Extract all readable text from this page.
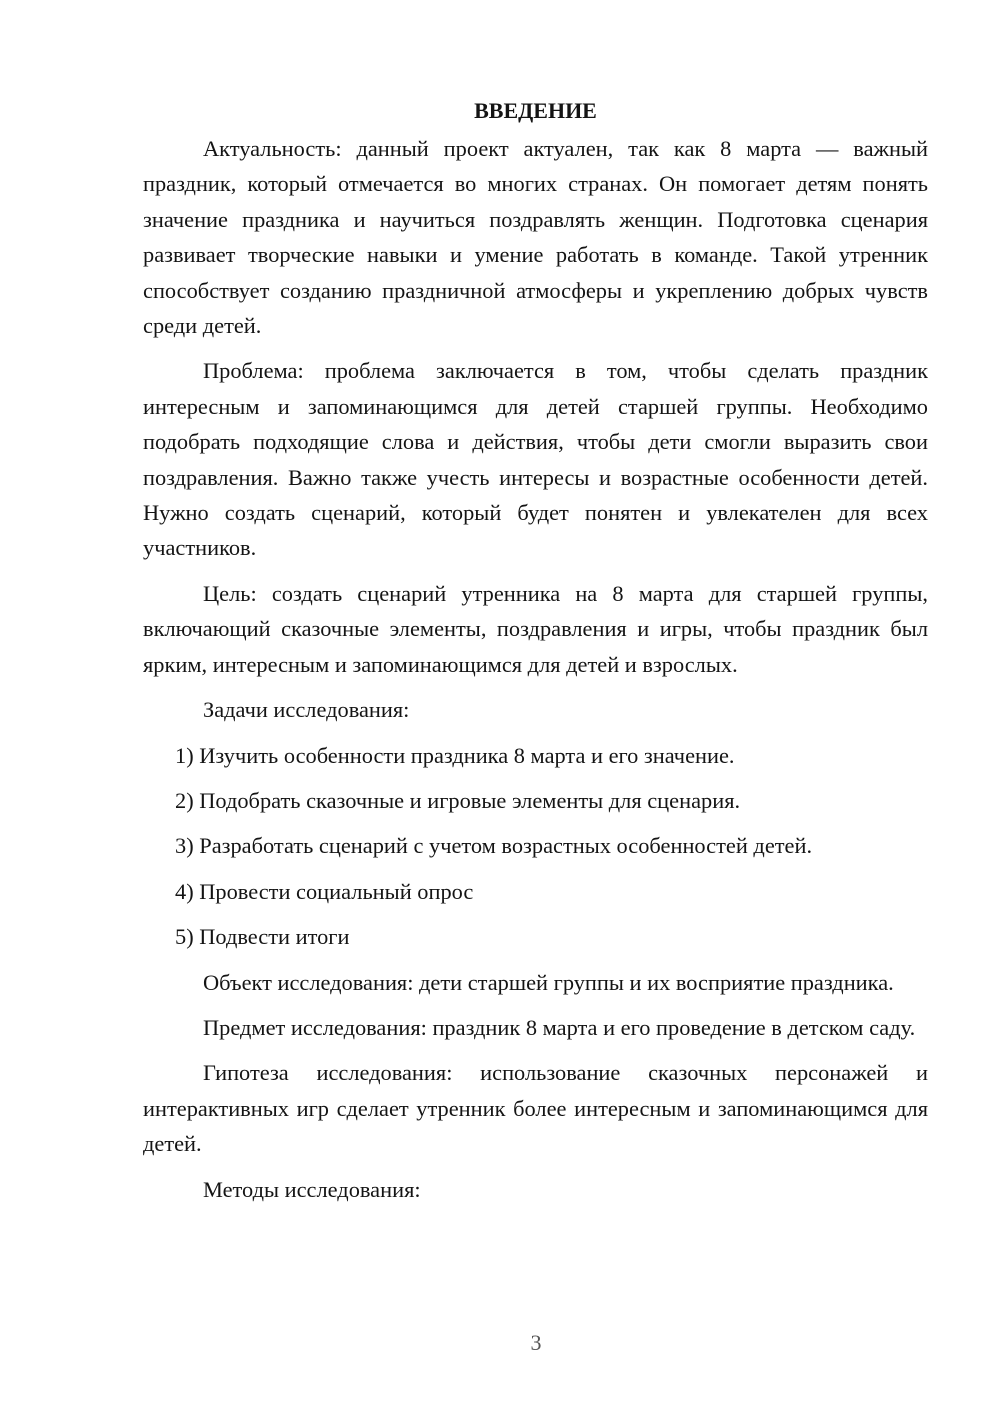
ВВЕДЕНИЕ

Актуальность: данный проект актуален, так как 8 марта — важный праздник, который отмечается во многих странах. Он помогает детям понять значение праздника и научиться поздравлять женщин. Подготовка сценария развивает творческие навыки и умение работать в команде. Такой утренник способствует созданию праздничной атмосферы и укреплению добрых чувств среди детей.

Проблема: проблема заключается в том, чтобы сделать праздник интересным и запоминающимся для детей старшей группы. Необходимо подобрать подходящие слова и действия, чтобы дети смогли выразить свои поздравления. Важно также учесть интересы и возрастные особенности детей. Нужно создать сценарий, который будет понятен и увлекателен для всех участников.

Цель: создать сценарий утренника на 8 марта для старшей группы, включающий сказочные элементы, поздравления и игры, чтобы праздник был ярким, интересным и запоминающимся для детей и взрослых.

Задачи исследования:

1) Изучить особенности праздника 8 марта и его значение.
2) Подобрать сказочные и игровые элементы для сценария.
3) Разработать сценарий с учетом возрастных особенностей детей.
4) Провести социальный опрос
5) Подвести итоги

Объект исследования: дети старшей группы и их восприятие праздника.

Предмет исследования: праздник 8 марта и его проведение в детском саду.

Гипотеза исследования: использование сказочных персонажей и интерактивных игр сделает утренник более интересным и запоминающимся для детей.

Методы исследования:

3
